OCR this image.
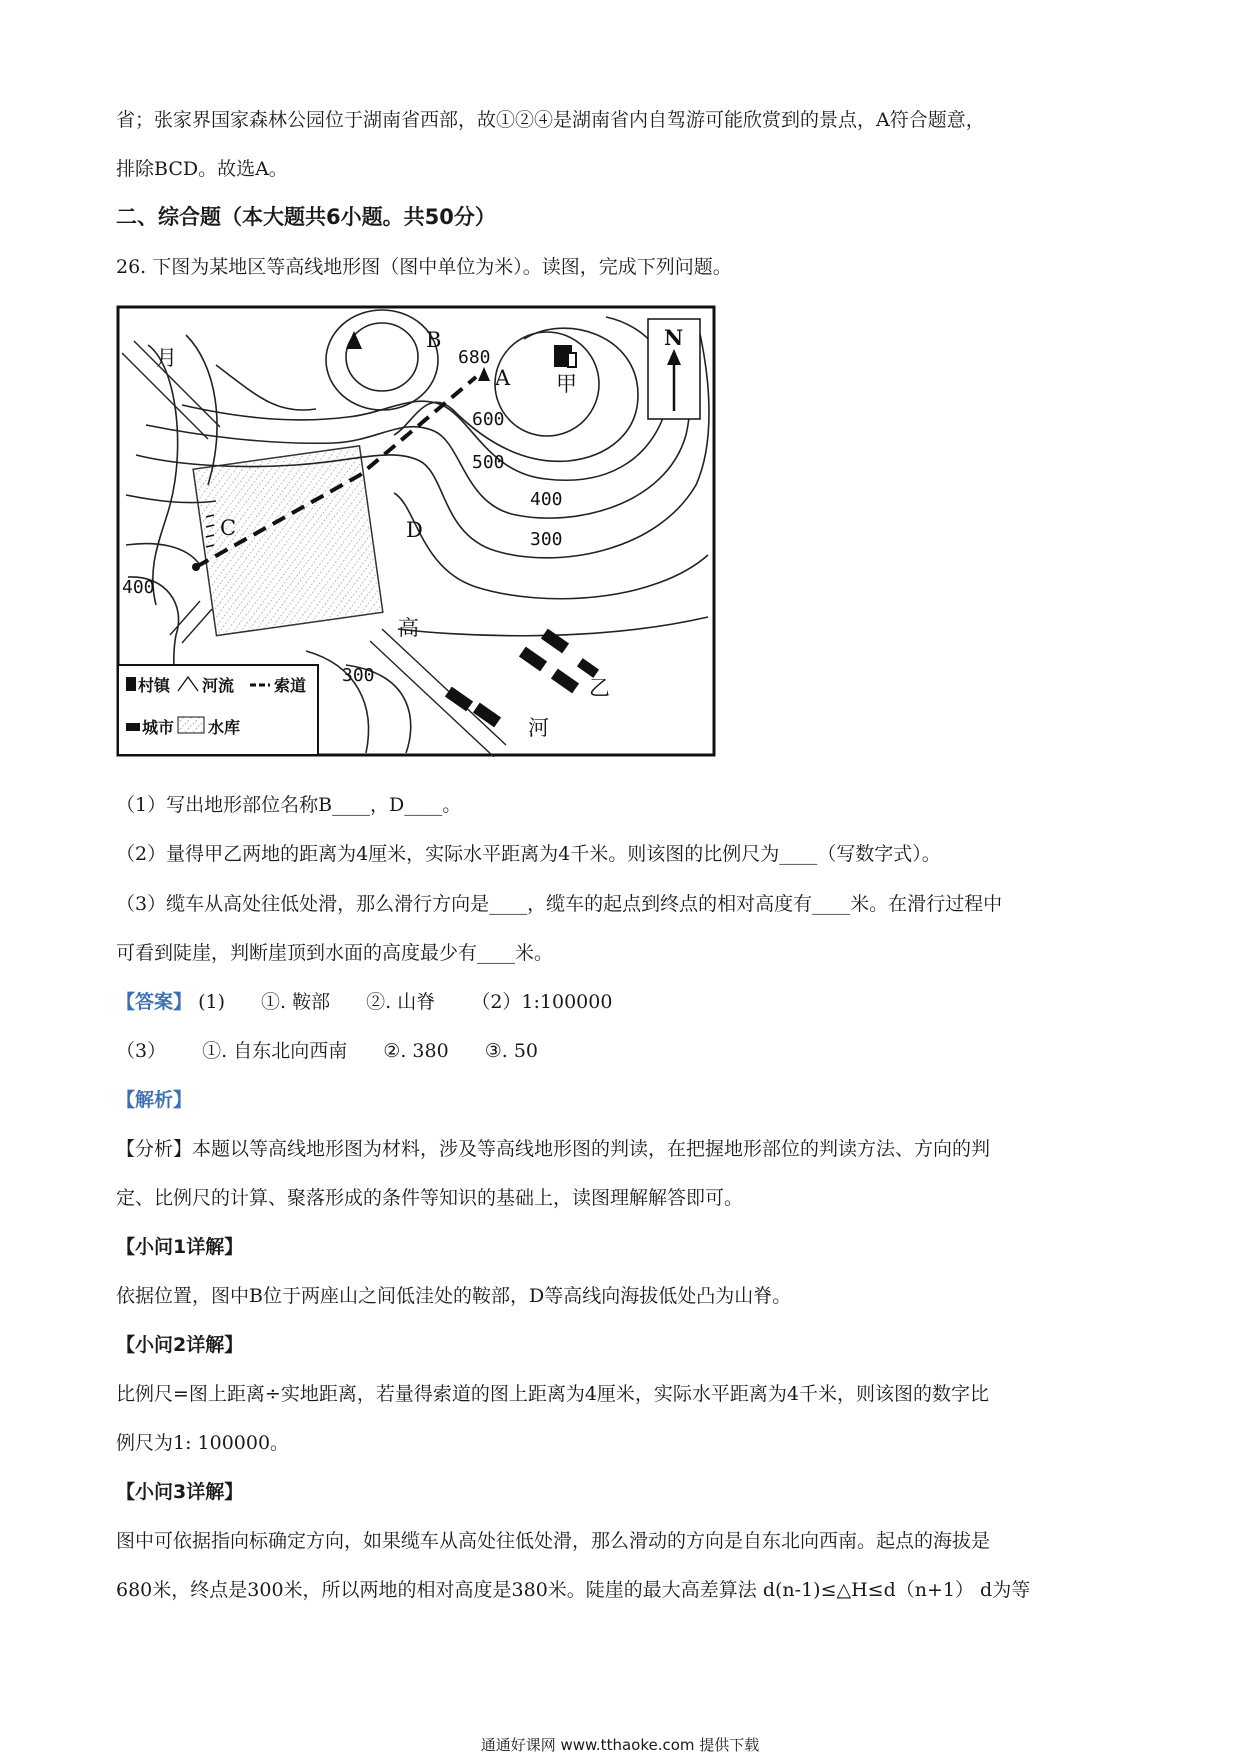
省；张家界国家森林公园位于湖南省西部，故①②④是湖南省内自驾游可能欣赏到的景点，A符合题意，
排除BCD。故选A。
二、综合题（本大题共6小题。共50分）
26. 下图为某地区等高线地形图（图中单位为米）。读图，完成下列问题。
月
B
A 甲
N
C	D
高
河
乙
680
600
500
400
300
400
300
村镇 河流 索道
城市 水库
（1）写出地形部位名称B____，D____。
（2）量得甲乙两地的距离为4厘米，实际水平距离为4千米。则该图的比例尺为____（写数字式）。
（3）缆车从高处往低处滑，那么滑行方向是____，缆车的起点到终点的相对高度有____米。在滑行过程中
可看到陡崖，判断崖顶到水面的高度最少有____米。
【答案】 (1) ①. 鞍部 ②. 山脊 （2）1:100000
（3） ①. 自东北向西南 ②. 380 ③. 50
【解析】
【分析】本题以等高线地形图为材料，涉及等高线地形图的判读，在把握地形部位的判读方法、方向的判
定、比例尺的计算、聚落形成的条件等知识的基础上，读图理解解答即可。
【小问1详解】
依据位置，图中B位于两座山之间低洼处的鞍部，D等高线向海拔低处凸为山脊。
【小问2详解】
比例尺=图上距离÷实地距离，若量得索道的图上距离为4厘米，实际水平距离为4千米，则该图的数字比
例尺为1: 100000。
【小问3详解】
图中可依据指向标确定方向，如果缆车从高处往低处滑，那么滑动的方向是自东北向西南。起点的海拔是
680米，终点是300米，所以两地的相对高度是380米。陡崖的最大高差算法 d(n-1)≤△H≤d（n+1） d为等
通通好课网 www.tthaoke.com 提供下载
